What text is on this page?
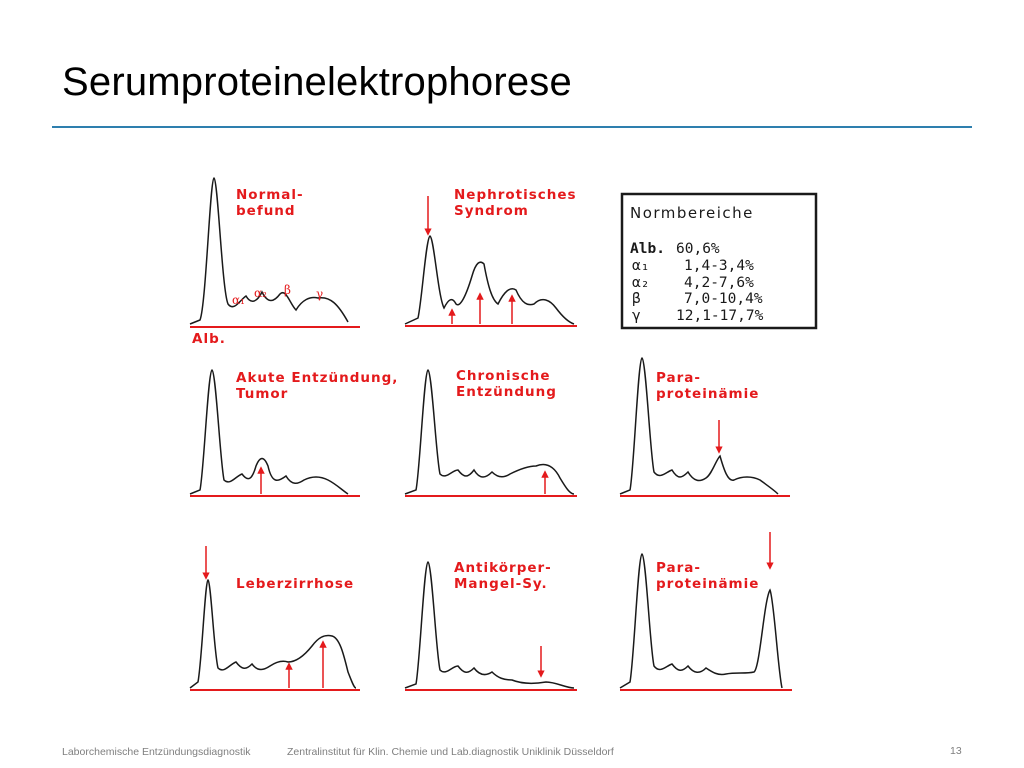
Serumproteinelektrophorese
Normal-
befund
Alb.
α₁ α₂ β γ
Nephrotisches
Syndrom	Normbereiche
Alb. 60,6%
α₁ 1,4-3,4%
α₂ 4,2-7,6%
β	7,0-10,4%
γ 12,1-17,7%
Akute Entzündung,
Tumor
Chronische
Entzündung
Para-
proteinämie
Leberzirrhose
Antikörper-
Mangel-Sy.
Para-
proteinämie
Laborchemische Entzündungsdiagnostik	Zentralinstitut für Klin. Chemie und Lab.diagnostik Uniklinik Düsseldorf	13
